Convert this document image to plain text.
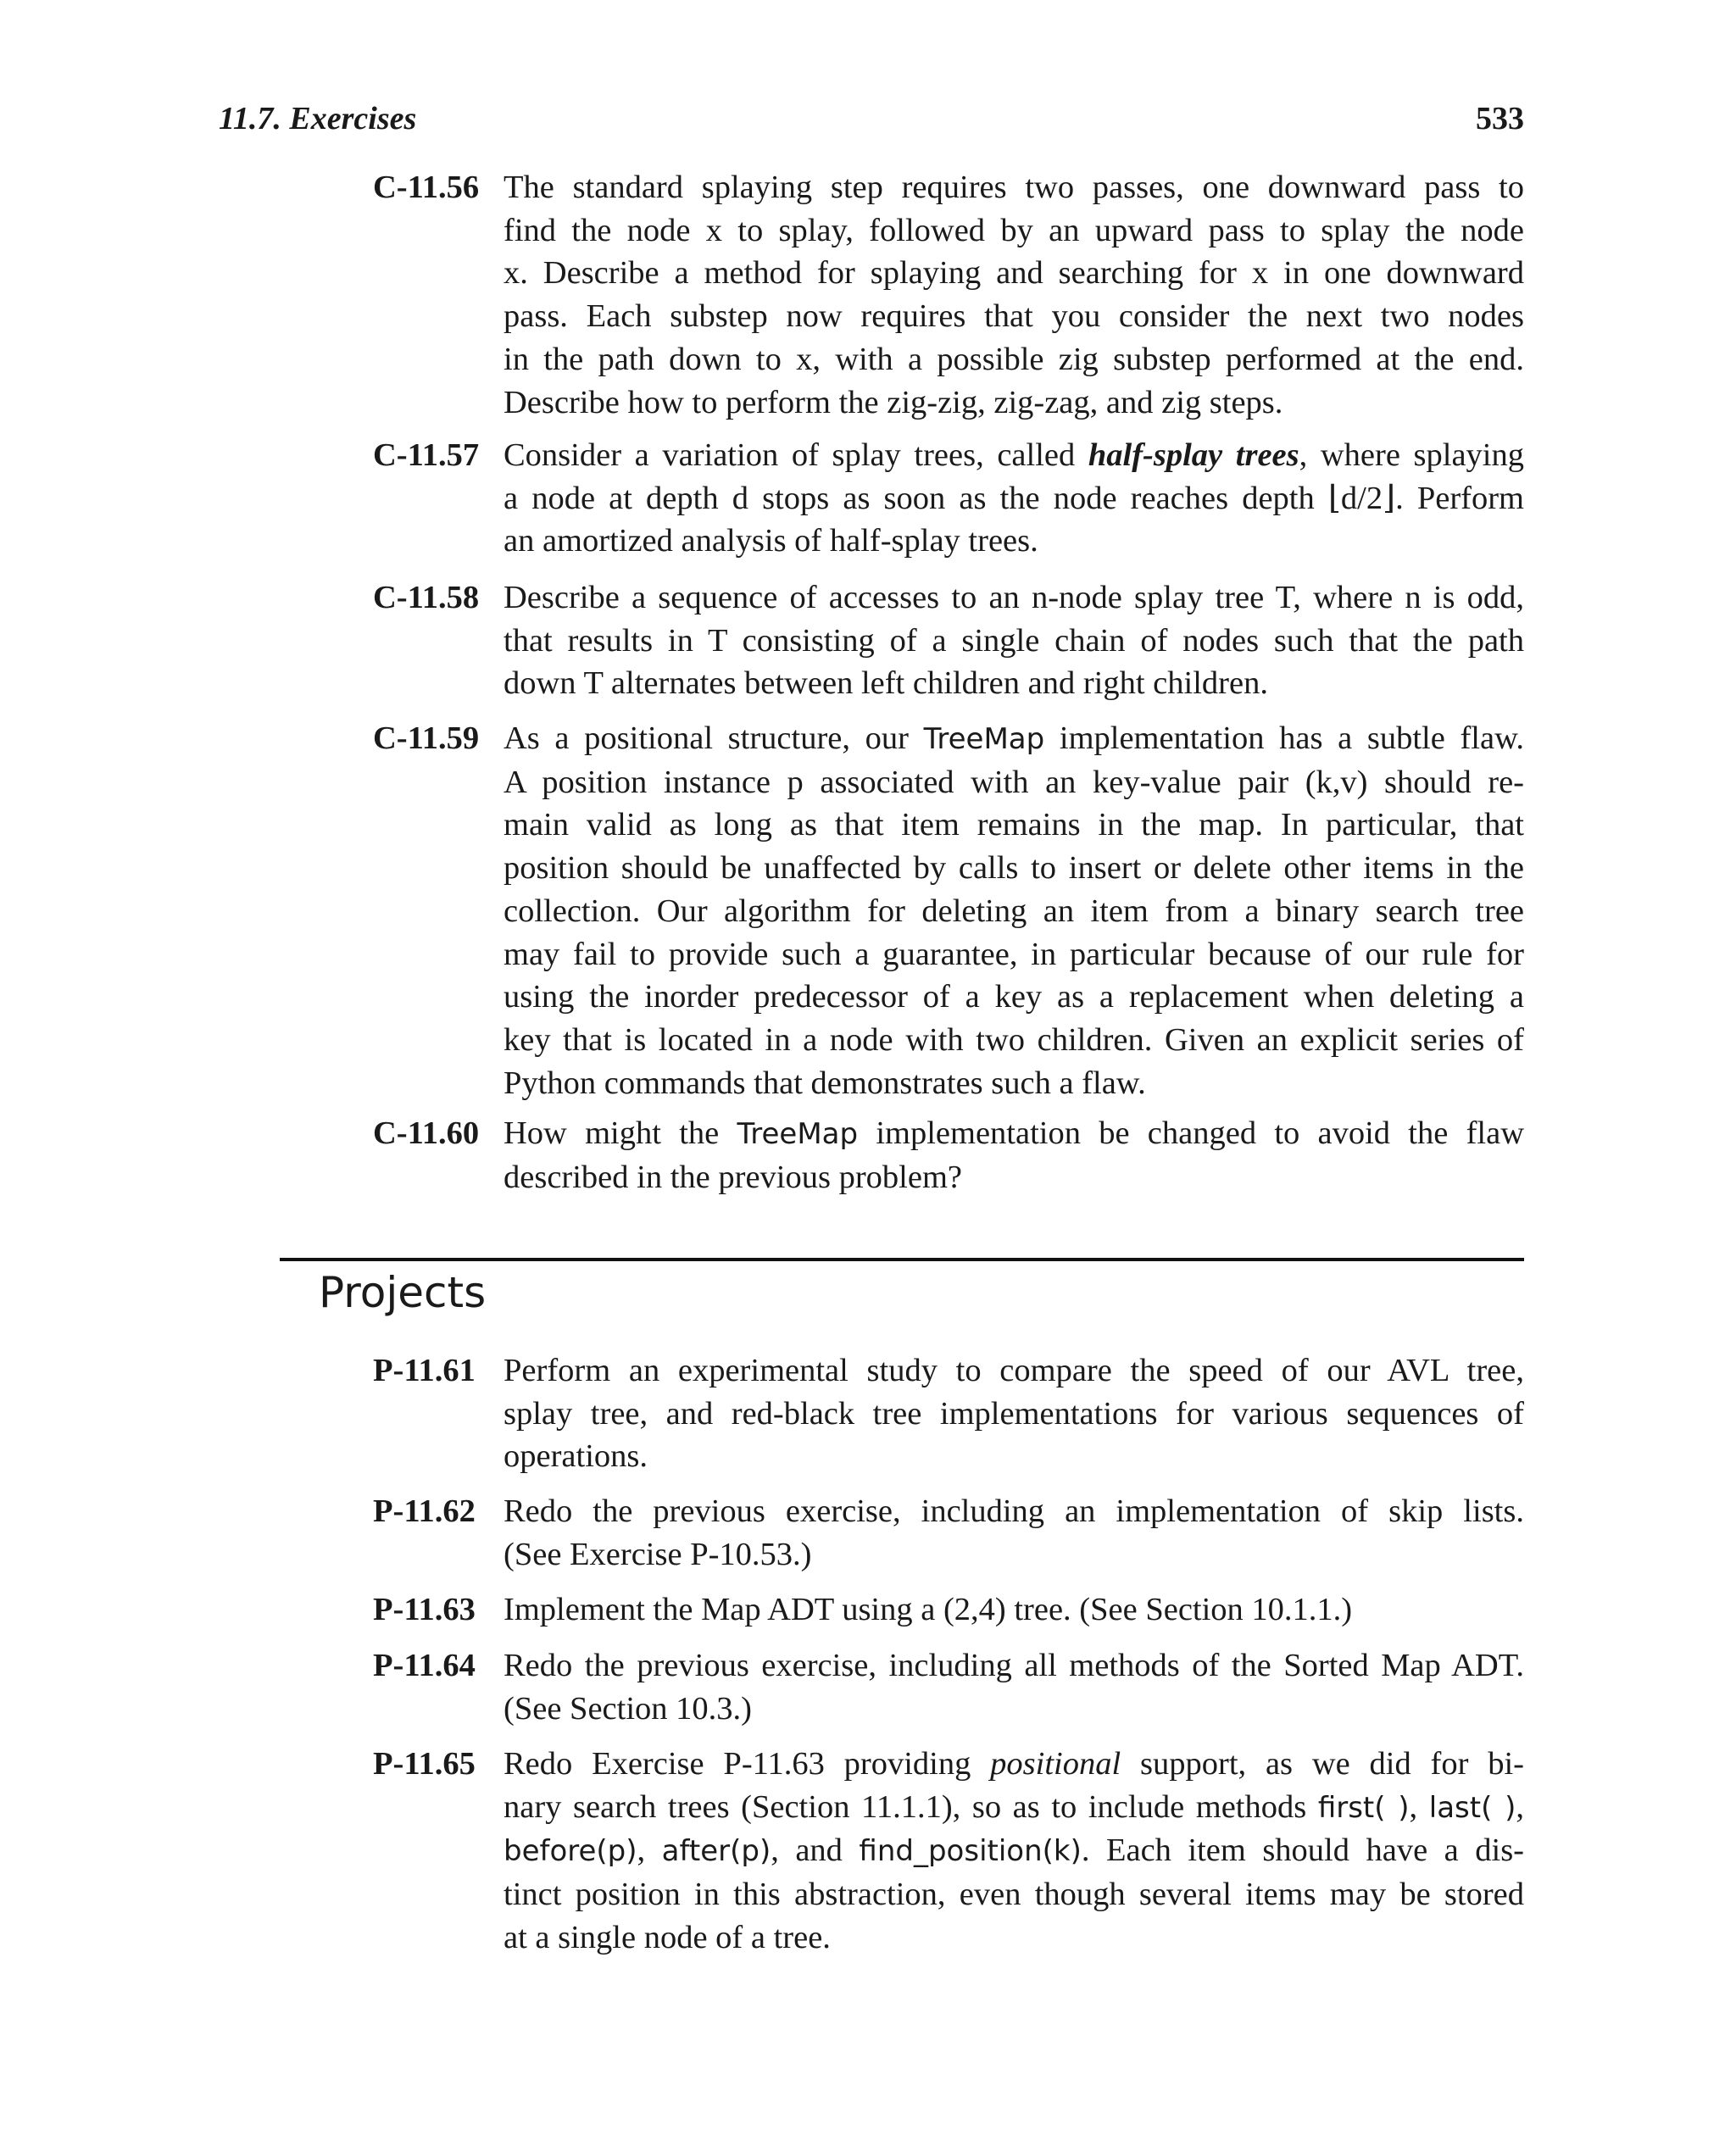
11.7. Exercises	533
C-11.56 The standard splaying step requires two passes, one downward pass to
find the node x to splay, followed by an upward pass to splay the node
x. Describe a method for splaying and searching for x in one downward
pass. Each substep now requires that you consider the next two nodes
in the path down to x, with a possible zig substep performed at the end.
Describe how to perform the zig-zig, zig-zag, and zig steps.
C-11.57 Consider a variation of splay trees, called half-splay trees, where splaying
a node at depth d stops as soon as the node reaches depth ⌊d/2⌋. Perform
an amortized analysis of half-splay trees.
C-11.58 Describe a sequence of accesses to an n-node splay tree T, where n is odd,
that results in T consisting of a single chain of nodes such that the path
down T alternates between left children and right children.
C-11.59 As a positional structure, our TreeMap implementation has a subtle flaw.
A position instance p associated with an key-value pair (k,v) should re-
main valid as long as that item remains in the map. In particular, that
position should be unaffected by calls to insert or delete other items in the
collection. Our algorithm for deleting an item from a binary search tree
may fail to provide such a guarantee, in particular because of our rule for
using the inorder predecessor of a key as a replacement when deleting a
key that is located in a node with two children. Given an explicit series of
Python commands that demonstrates such a flaw.
C-11.60 How might the TreeMap implementation be changed to avoid the flaw
described in the previous problem?
Projects
P-11.61 Perform an experimental study to compare the speed of our AVL tree,
splay tree, and red-black tree implementations for various sequences of
operations.
P-11.62 Redo the previous exercise, including an implementation of skip lists.
(See Exercise P-10.53.)
P-11.63 Implement the Map ADT using a (2,4) tree. (See Section 10.1.1.)
P-11.64 Redo the previous exercise, including all methods of the Sorted Map ADT.
(See Section 10.3.)
P-11.65 Redo Exercise P-11.63 providing positional support, as we did for bi-
nary search trees (Section 11.1.1), so as to include methods first( ), last( ),
before(p), after(p), and find_position(k). Each item should have a dis-
tinct position in this abstraction, even though several items may be stored
at a single node of a tree.
